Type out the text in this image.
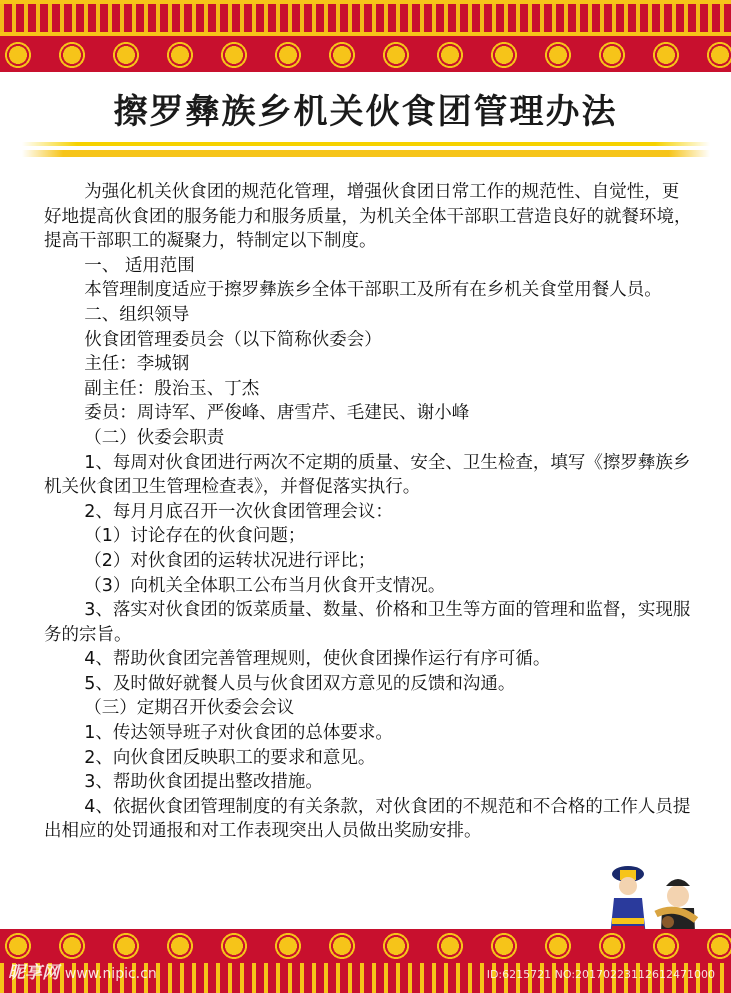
擦罗彝族乡机关伙食团管理办法

为强化机关伙食团的规范化管理，增强伙食团日常工作的规范性、自觉性，更好地提高伙食团的服务能力和服务质量，为机关全体干部职工营造良好的就餐环境，提高干部职工的凝聚力，特制定以下制度。

一、 适用范围

本管理制度适应于擦罗彝族乡全体干部职工及所有在乡机关食堂用餐人员。

二、组织领导

伙食团管理委员会（以下简称伙委会）

主任：李城钢

副主任：殷治玉、丁杰

委员：周诗军、严俊峰、唐雪芹、毛建民、谢小峰

（二）伙委会职责

1、每周对伙食团进行两次不定期的质量、安全、卫生检查，填写《擦罗彝族乡机关伙食团卫生管理检查表》，并督促落实执行。

2、每月月底召开一次伙食团管理会议：

（1）讨论存在的伙食问题；

（2）对伙食团的运转状况进行评比；

（3）向机关全体职工公布当月伙食开支情况。

3、落实对伙食团的饭菜质量、数量、价格和卫生等方面的管理和监督，实现服务的宗旨。

4、帮助伙食团完善管理规则，使伙食团操作运行有序可循。

5、及时做好就餐人员与伙食团双方意见的反馈和沟通。

（三）定期召开伙委会会议

1、传达领导班子对伙食团的总体要求。

2、向伙食团反映职工的要求和意见。

3、帮助伙食团提出整改措施。

4、依据伙食团管理制度的有关条款，对伙食团的不规范和不合格的工作人员提出相应的处罚通报和对工作表现突出人员做出奖励安排。

昵享网 www.nipic.cn	ID:6215721 NO:20170223112612471000
